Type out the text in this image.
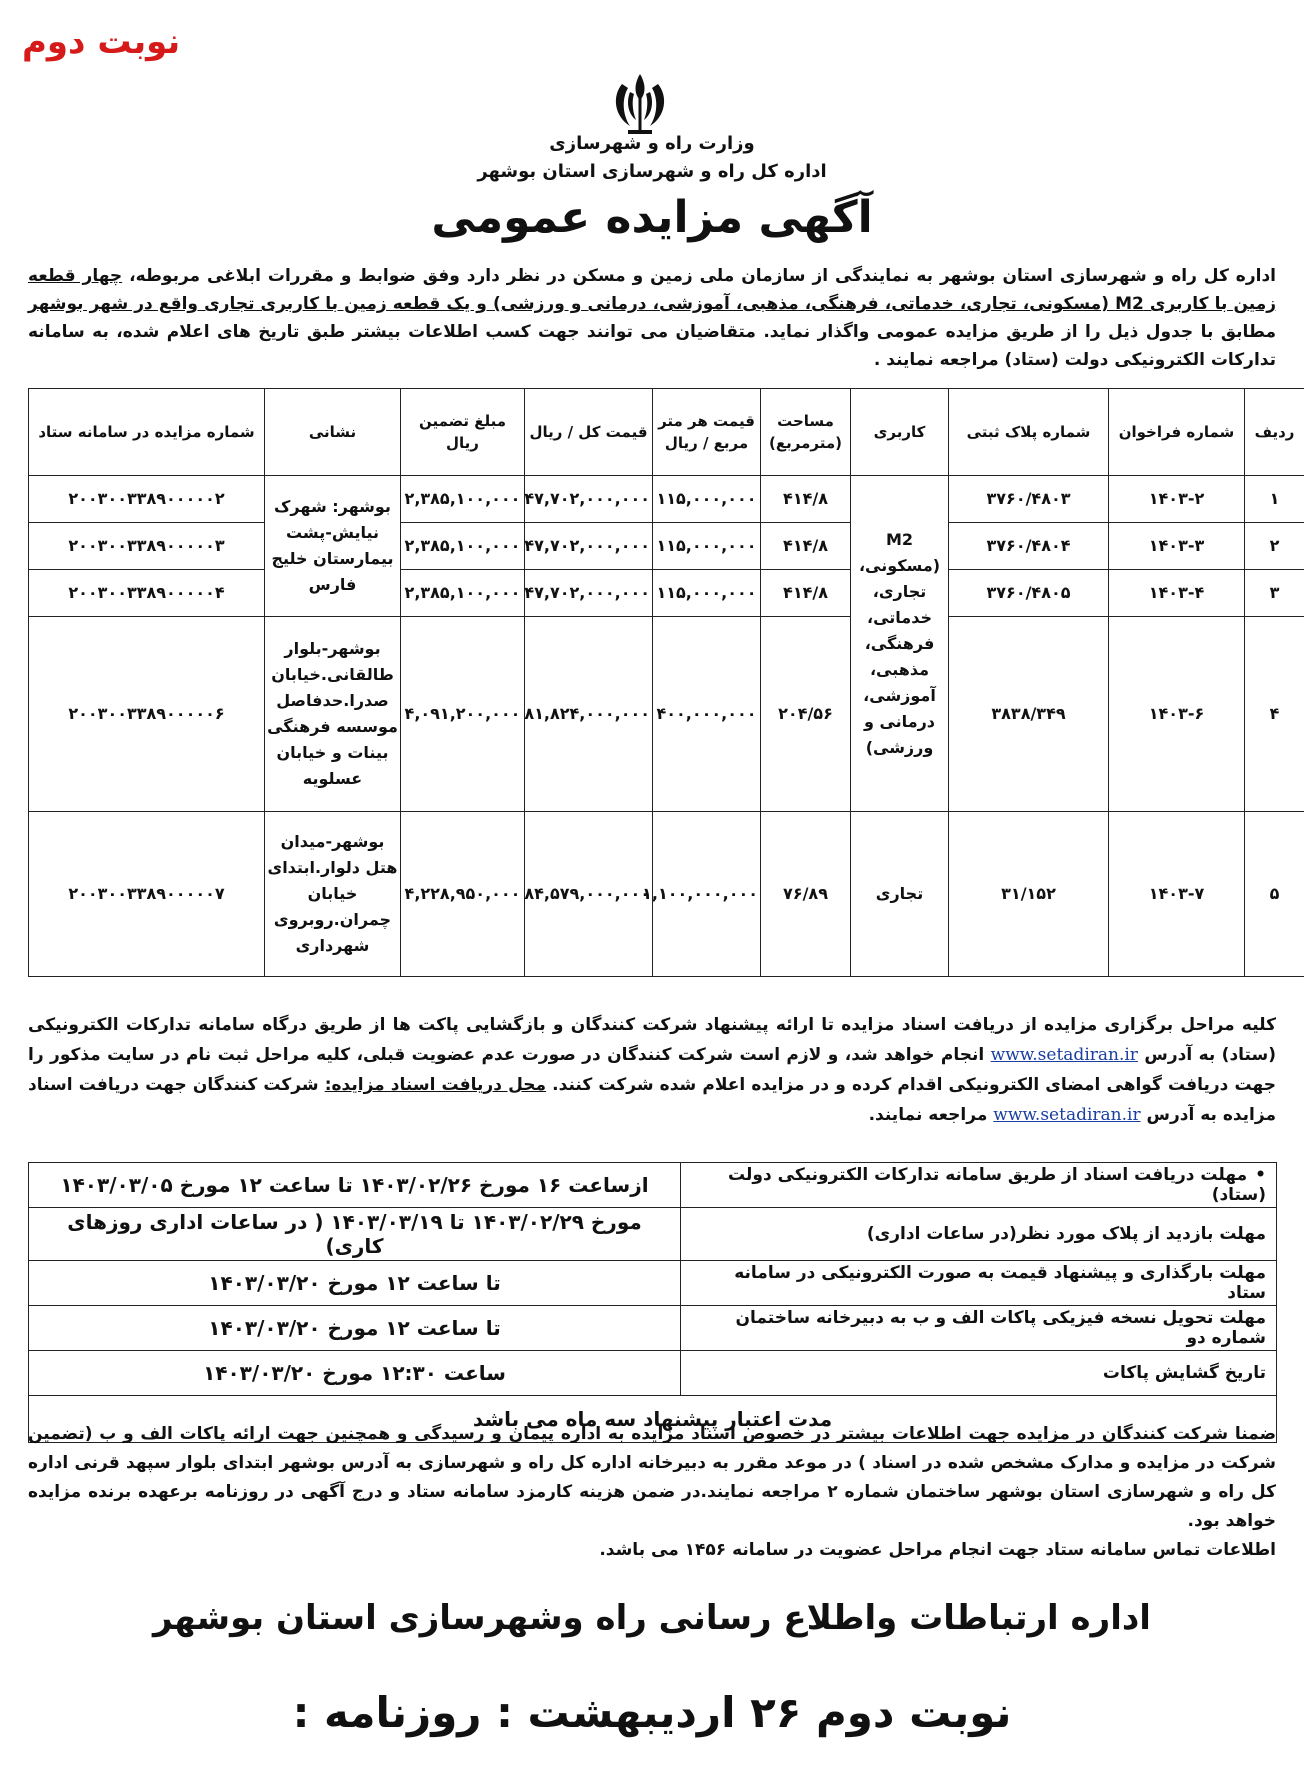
نوبت دوم
وزارت راه و شهرسازی
اداره کل راه و شهرسازی استان بوشهر
آگهی مزایده عمومی
اداره کل راه و شهرسازی استان بوشهر به نمایندگی از سازمان ملی زمین و مسکن در نظر دارد وفق ضوابط و مقررات ابلاغی مربوطه، چهار قطعه زمین با کاربری M2 (مسکونی، تجاری، خدماتی، فرهنگی، مذهبی، آموزشی، درمانی و ورزشی) و یک قطعه زمین با کاربری تجاری واقع در شهر بوشهر مطابق با جدول ذیل را از طریق مزایده عمومی واگذار نماید. متقاضیان می توانند جهت کسب اطلاعات بیشتر طبق تاریخ های اعلام شده، به سامانه تدارکات الکترونیکی دولت (ستاد) مراجعه نمایند .
ردیف	شماره فراخوان	شماره پلاک ثبتی	کاربری	مساحت (مترمربع)	قیمت هر متر مربع / ریال	قیمت کل / ریال	مبلغ تضمین ریال	نشانی	شماره مزایده در سامانه ستاد
۱	۱۴۰۳-۲	۳۷۶۰/۴۸۰۳	M2 (مسکونی، تجاری، خدماتی، فرهنگی، مذهبی، آموزشی، درمانی و ورزشی)	۴۱۴/۸	۱۱۵,۰۰۰,۰۰۰	۴۷,۷۰۲,۰۰۰,۰۰۰	۲,۳۸۵,۱۰۰,۰۰۰	بوشهر: شهرک نیایش-پشت بیمارستان خلیج فارس	۲۰۰۳۰۰۳۳۸۹۰۰۰۰۰۲
۲	۱۴۰۳-۳	۳۷۶۰/۴۸۰۴		۴۱۴/۸	۱۱۵,۰۰۰,۰۰۰	۴۷,۷۰۲,۰۰۰,۰۰۰	۲,۳۸۵,۱۰۰,۰۰۰		۲۰۰۳۰۰۳۳۸۹۰۰۰۰۰۳
۳	۱۴۰۳-۴	۳۷۶۰/۴۸۰۵		۴۱۴/۸	۱۱۵,۰۰۰,۰۰۰	۴۷,۷۰۲,۰۰۰,۰۰۰	۲,۳۸۵,۱۰۰,۰۰۰		۲۰۰۳۰۰۳۳۸۹۰۰۰۰۰۴
۴	۱۴۰۳-۶	۳۸۳۸/۳۴۹		۲۰۴/۵۶	۴۰۰,۰۰۰,۰۰۰	۸۱,۸۲۴,۰۰۰,۰۰۰	۴,۰۹۱,۲۰۰,۰۰۰	بوشهر-بلوار طالقانی.خیابان صدرا.حدفاصل موسسه فرهنگی بینات و خیابان عسلویه	۲۰۰۳۰۰۳۳۸۹۰۰۰۰۰۶
۵	۱۴۰۳-۷	۳۱/۱۵۲	تجاری	۷۶/۸۹	۱,۱۰۰,۰۰۰,۰۰۰	۸۴,۵۷۹,۰۰۰,۰۰۰	۴,۲۲۸,۹۵۰,۰۰۰	بوشهر-میدان هتل دلوار.ابتدای خیابان چمران.روبروی شهرداری	۲۰۰۳۰۰۳۳۸۹۰۰۰۰۰۷
کلیه مراحل برگزاری مزایده از دریافت اسناد مزایده تا ارائه پیشنهاد شرکت کنندگان و بازگشایی پاکت ها از طریق درگاه سامانه تدارکات الکترونیکی (ستاد) به آدرس www.setadiran.ir انجام خواهد شد، و لازم است شرکت کنندگان در صورت عدم عضویت قبلی، کلیه مراحل ثبت نام در سایت مذکور را جهت دریافت گواهی امضای الکترونیکی اقدام کرده و در مزایده اعلام شده شرکت کنند. محل دریافت اسناد مزایده: شرکت کنندگان جهت دریافت اسناد مزایده به آدرس www.setadiran.ir مراجعه نمایند.
•مهلت دریافت اسناد از طریق سامانه تدارکات الکترونیکی دولت (ستاد)	ازساعت ۱۶ مورخ ۱۴۰۳/۰۲/۲۶ تا ساعت ۱۲ مورخ ۱۴۰۳/۰۳/۰۵
مهلت بازدید از پلاک مورد نظر(در ساعات اداری)	مورخ ۱۴۰۳/۰۲/۲۹ تا ۱۴۰۳/۰۳/۱۹ ( در ساعات اداری روزهای کاری)
مهلت بارگذاری و پیشنهاد قیمت به صورت الکترونیکی در سامانه ستاد	تا ساعت ۱۲ مورخ ۱۴۰۳/۰۳/۲۰
مهلت تحویل نسخه فیزیکی پاکات الف و ب به دبیرخانه ساختمان شماره دو	تا ساعت ۱۲ مورخ ۱۴۰۳/۰۳/۲۰
تاریخ گشایش پاکات	ساعت ۱۲:۳۰ مورخ ۱۴۰۳/۰۳/۲۰
مدت اعتبار پیشنهاد سه ماه می باشد	
ضمنا شرکت کنندگان در مزایده جهت اطلاعات بیشتر در خصوص اسناد مزایده به اداره پیمان و رسیدگی و همچنین جهت ارائه پاکات الف و ب (تضمین شرکت در مزایده و مدارک مشخص شده در اسناد ) در موعد مقرر به دبیرخانه اداره کل راه و شهرسازی به آدرس بوشهر ابتدای بلوار سپهد قرنی اداره کل راه و شهرسازی استان بوشهر ساختمان شماره ۲ مراجعه نمایند.در ضمن هزینه کارمزد سامانه ستاد و درج آگهی در روزنامه برعهده برنده مزایده خواهد بود.
اطلاعات تماس سامانه ستاد جهت انجام مراحل عضویت در سامانه ۱۴۵۶ می باشد.
اداره ارتباطات واطلاع رسانی راه وشهرسازی استان بوشهر
نوبت دوم ۲۶ اردیبهشت : روزنامه :
